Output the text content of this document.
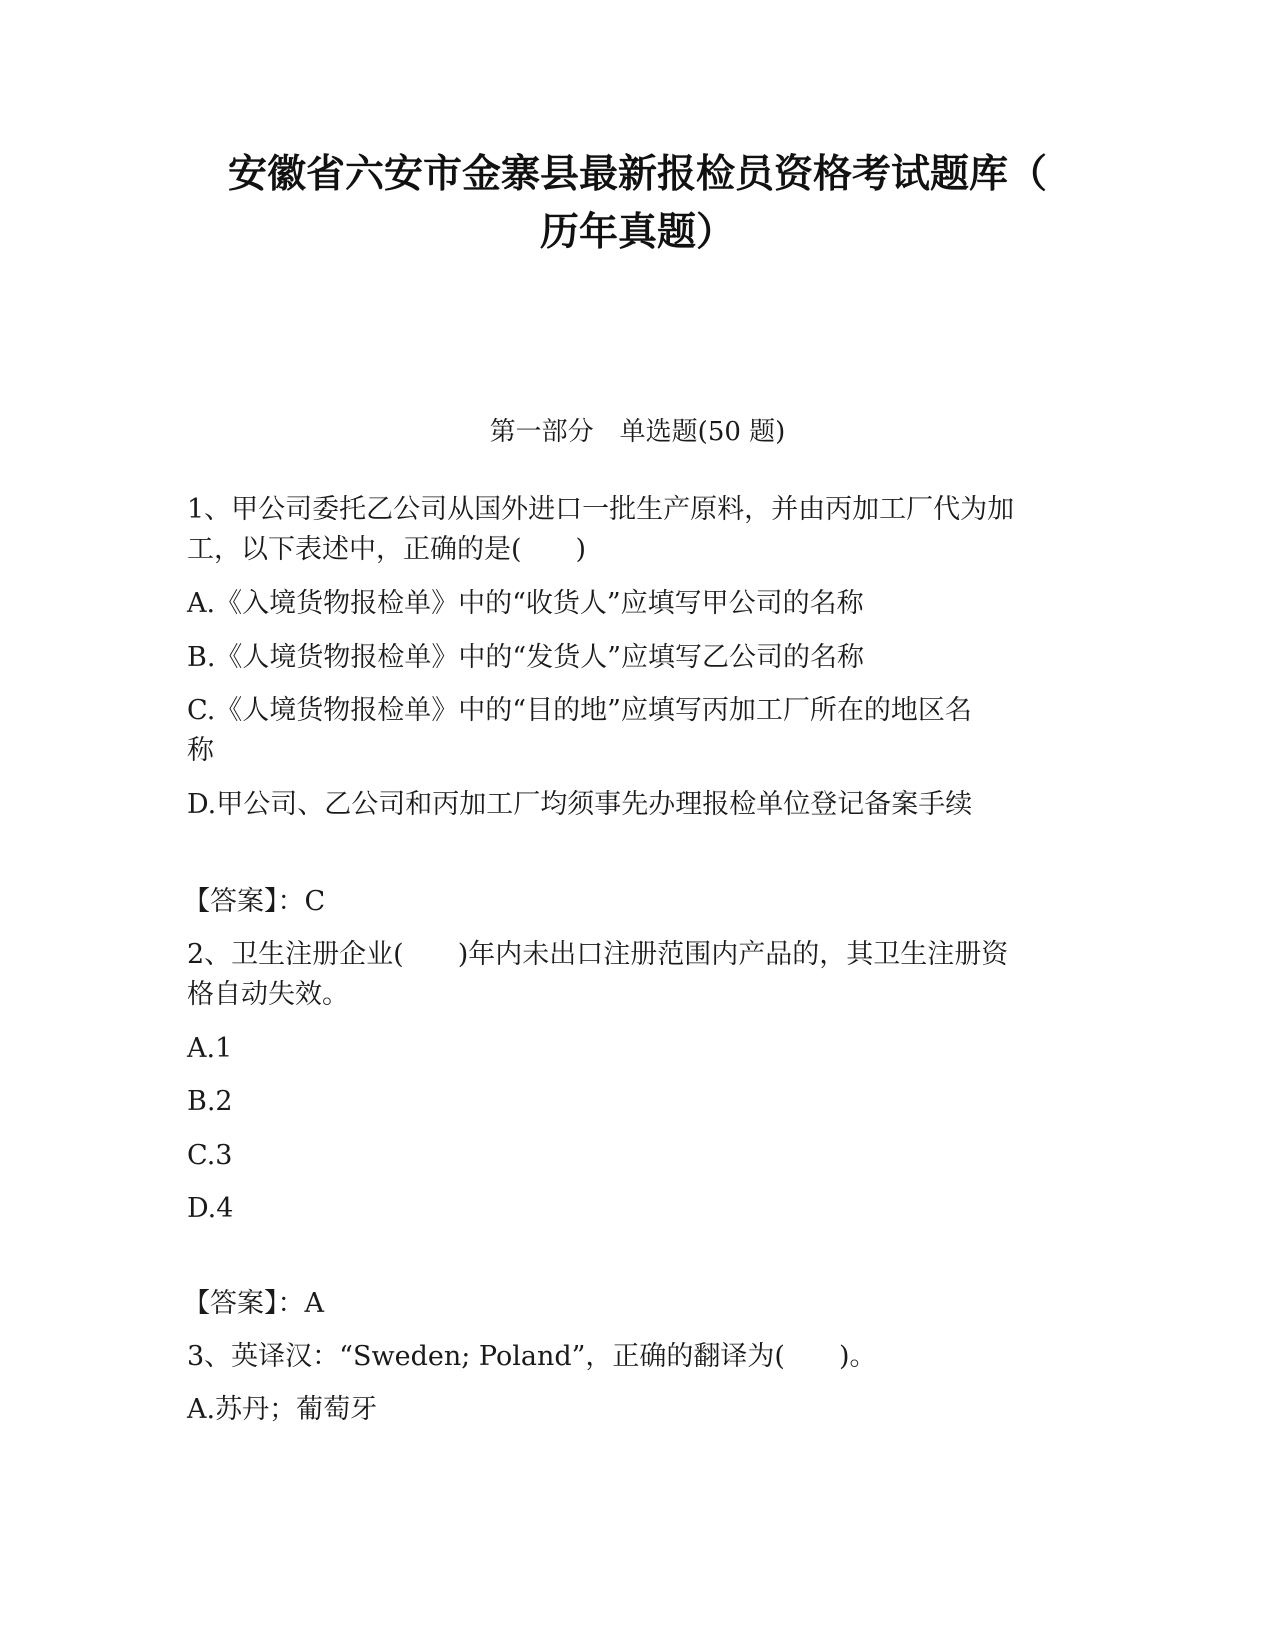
安徽省六安市金寨县最新报检员资格考试题库（
历年真题）
第一部分　单选题(50 题)
1、甲公司委托乙公司从国外进口一批生产原料，并由丙加工厂代为加
工，以下表述中，正确的是(　　)
A.《入境货物报检单》中的“收货人”应填写甲公司的名称
B.《人境货物报检单》中的“发货人”应填写乙公司的名称
C.《人境货物报检单》中的“目的地”应填写丙加工厂所在的地区名
称
D.甲公司、乙公司和丙加工厂均须事先办理报检单位登记备案手续
【答案】：C
2、卫生注册企业(　　)年内未出口注册范围内产品的，其卫生注册资
格自动失效。
A.1
B.2
C.3
D.4
【答案】：A
3、英译汉：“Sweden; Poland”，正确的翻译为(　　)。
A.苏丹；葡萄牙
